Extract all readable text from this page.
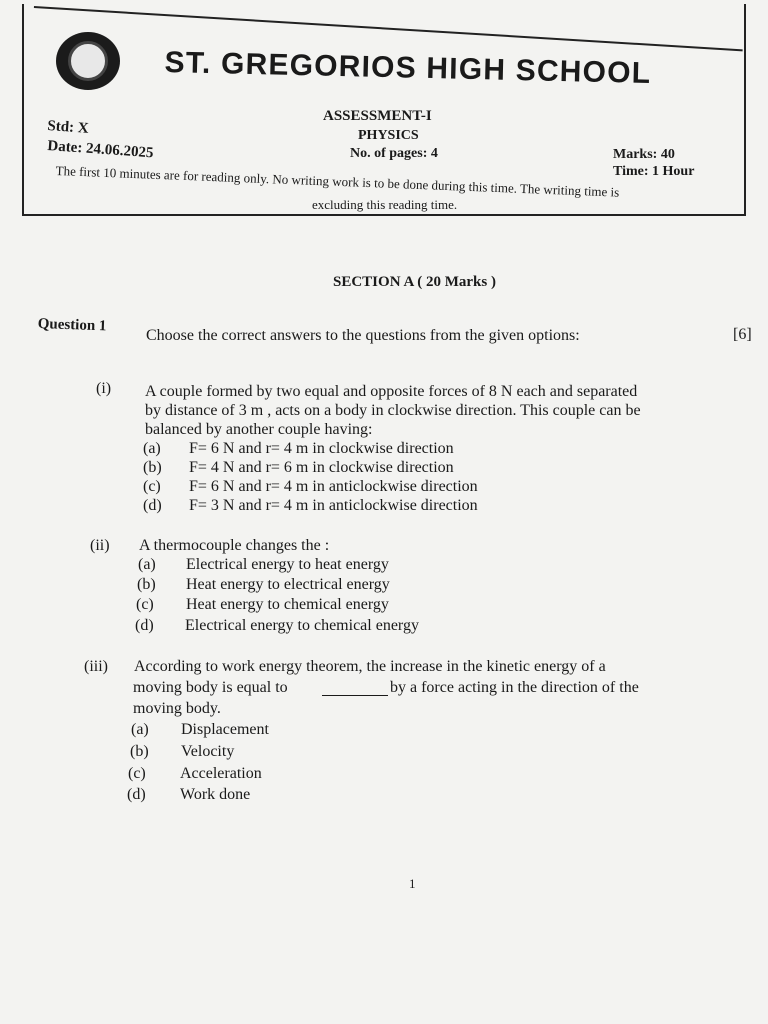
ST. GREGORIOS HIGH SCHOOL
ASSESSMENT-I
PHYSICS
Std: X
Date: 24.06.2025	No. of pages: 4	Marks: 40
Time: 1 Hour
The first 10 minutes are for reading only. No writing work is to be done during this time. The writing time is
excluding this reading time.
SECTION A ( 20 Marks )
Question 1
Choose the correct answers to the questions from the given options:	[6]
(i) A couple formed by two equal and opposite forces of 8 N each and separated
by distance of 3 m , acts on a body in clockwise direction. This couple can be
balanced by another couple having:
(a) F= 6 N and r= 4 m in clockwise direction
(b) F= 4 N and r= 6 m in clockwise direction
(c) F= 6 N and r= 4 m in anticlockwise direction
(d) F= 3 N and r= 4 m in anticlockwise direction
(ii) A thermocouple changes the :
(a) Electrical energy to heat energy
(b) Heat energy to electrical energy
(c) Heat energy to chemical energy
(d) Electrical energy to chemical energy
(iii) According to work energy theorem, the increase in the kinetic energy of a
moving body is equal to	by a force acting in the direction of the
moving body.
(a) Displacement
(b) Velocity
(c) Acceleration
(d) Work done
1
